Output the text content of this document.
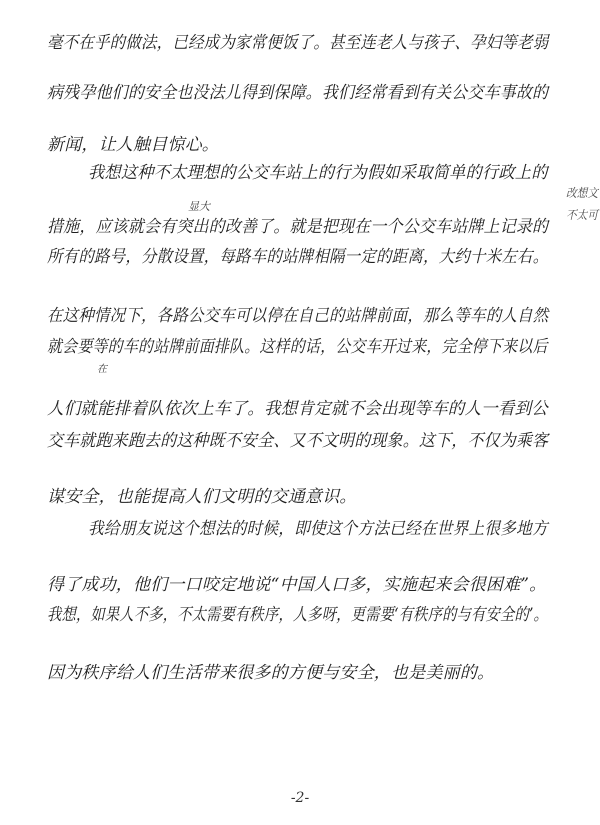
毫不在乎的做法，已经成为家常便饭了。甚至连老人与孩子、孕妇等老弱
病残孕他们的安全也没法儿得到保障。我们经常看到有关公交车事故的
新闻，让人触目惊心。
我想这种不太理想的公交车站上的行为假如采取简单的行政上的
显大
措施，应该就会有突出的改善了。就是把现在一个公交车站牌上记录的
所有的路号，分散设置，每路车的站牌相隔一定的距离，大约十米左右。
在这种情况下，各路公交车可以停在自己的站牌前面，那么等车的人自然
就会要等的车的站牌前面排队。这样的话，公交车开过来，完全停下来以后
在
人们就能排着队依次上车了。我想肯定就不会出现等车的人一看到公
交车就跑来跑去的这种既不安全、又不文明的现象。这下，不仅为乘客
谋安全，也能提高人们文明的交通意识。
我给朋友说这个想法的时候，即使这个方法已经在世界上很多地方
得了成功，他们一口咬定地说“中国人口多，实施起来会很困难”。
我想，如果人不多，不太需要有秩序，人多呀，更需要‘有秩序的与有安全的’。
因为秩序给人们生活带来很多的方便与安全，也是美丽的。
改想文
不太可
-2-
